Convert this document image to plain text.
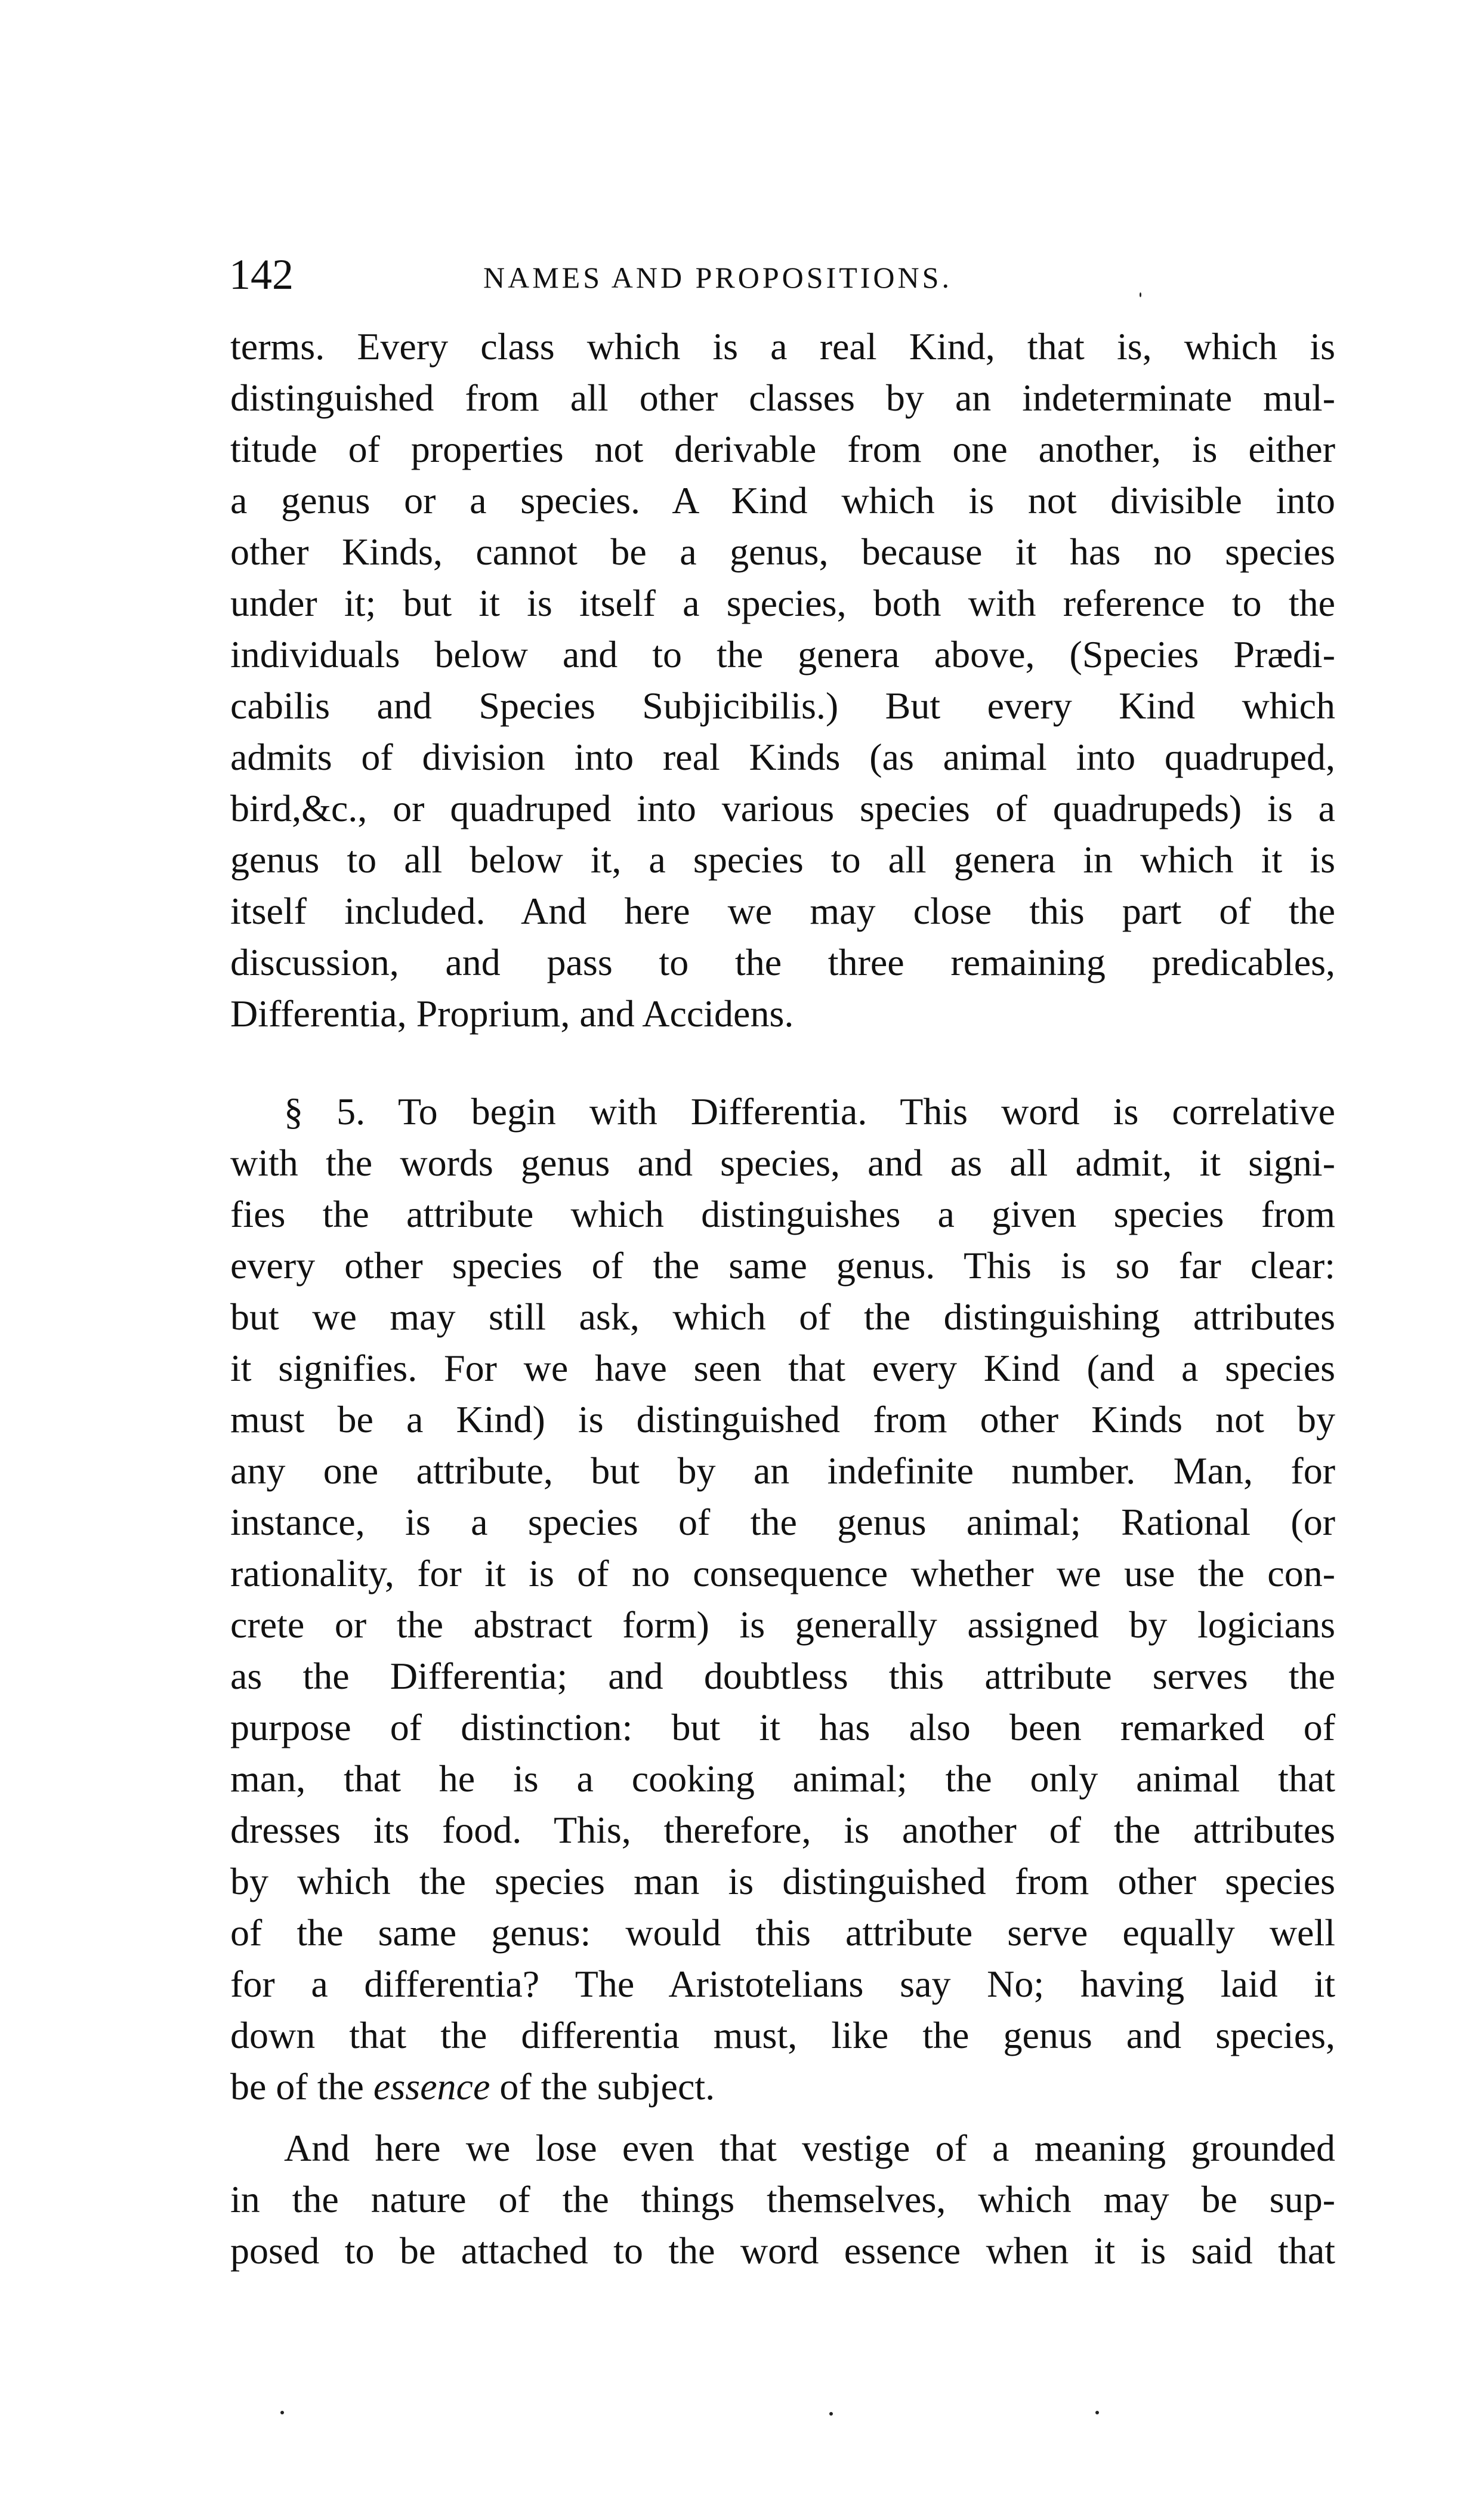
142	NAMES AND PROPOSITIONS.
terms. Every class which is a real Kind, that is, which is
distinguished from all other classes by an indeterminate mul-
titude of properties not derivable from one another, is either
a genus or a species. A Kind which is not divisible into
other Kinds, cannot be a genus, because it has no species
under it; but it is itself a species, both with reference to the
individuals below and to the genera above, (Species Prædi-
cabilis and Species Subjicibilis.) But every Kind which
admits of division into real Kinds (as animal into quadruped,
bird,&c., or quadruped into various species of quadrupeds) is a
genus to all below it, a species to all genera in which it is
itself included. And here we may close this part of the
discussion, and pass to the three remaining predicables,
Differentia, Proprium, and Accidens.
§ 5. To begin with Differentia. This word is correlative
with the words genus and species, and as all admit, it signi-
fies the attribute which distinguishes a given species from
every other species of the same genus. This is so far clear:
but we may still ask, which of the distinguishing attributes
it signifies. For we have seen that every Kind (and a species
must be a Kind) is distinguished from other Kinds not by
any one attribute, but by an indefinite number. Man, for
instance, is a species of the genus animal; Rational (or
rationality, for it is of no consequence whether we use the con-
crete or the abstract form) is generally assigned by logicians
as the Differentia; and doubtless this attribute serves the
purpose of distinction: but it has also been remarked of
man, that he is a cooking animal; the only animal that
dresses its food. This, therefore, is another of the attributes
by which the species man is distinguished from other species
of the same genus: would this attribute serve equally well
for a differentia? The Aristotelians say No; having laid it
down that the differentia must, like the genus and species,
be of the essence of the subject.
And here we lose even that vestige of a meaning grounded
in the nature of the things themselves, which may be sup-
posed to be attached to the word essence when it is said that
